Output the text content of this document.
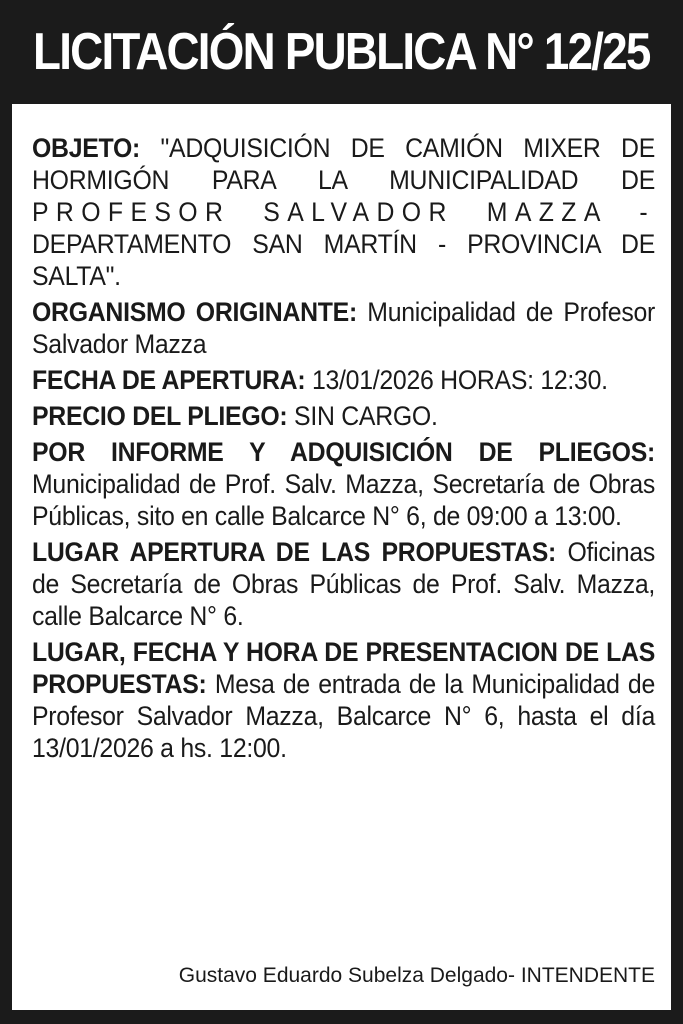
LICITACIÓN PUBLICA N° 12/25

OBJETO: "ADQUISICIÓN DE CAMIÓN MIXER DE HORMIGÓN PARA LA MUNICIPALIDAD DE PROFESOR SALVADOR MAZZA - DEPARTAMENTO SAN MARTÍN - PROVINCIA DE SALTA".

ORGANISMO ORIGINANTE: Municipalidad de Profesor Salvador Mazza

FECHA DE APERTURA: 13/01/2026 HORAS: 12:30.

PRECIO DEL PLIEGO: SIN CARGO.

POR INFORME Y ADQUISICIÓN DE PLIEGOS: Municipalidad de Prof. Salv. Mazza, Secretaría de Obras Públicas, sito en calle Balcarce N° 6, de 09:00 a 13:00.

LUGAR APERTURA DE LAS PROPUESTAS: Oficinas de Secretaría de Obras Públicas de Prof. Salv. Mazza, calle Balcarce N° 6.

LUGAR, FECHA Y HORA DE PRESENTACION DE LAS PROPUESTAS: Mesa de entrada de la Municipalidad de Profesor Salvador Mazza, Balcarce N° 6, hasta el día 13/01/2026 a hs. 12:00.

Gustavo Eduardo Subelza Delgado- INTENDENTE
